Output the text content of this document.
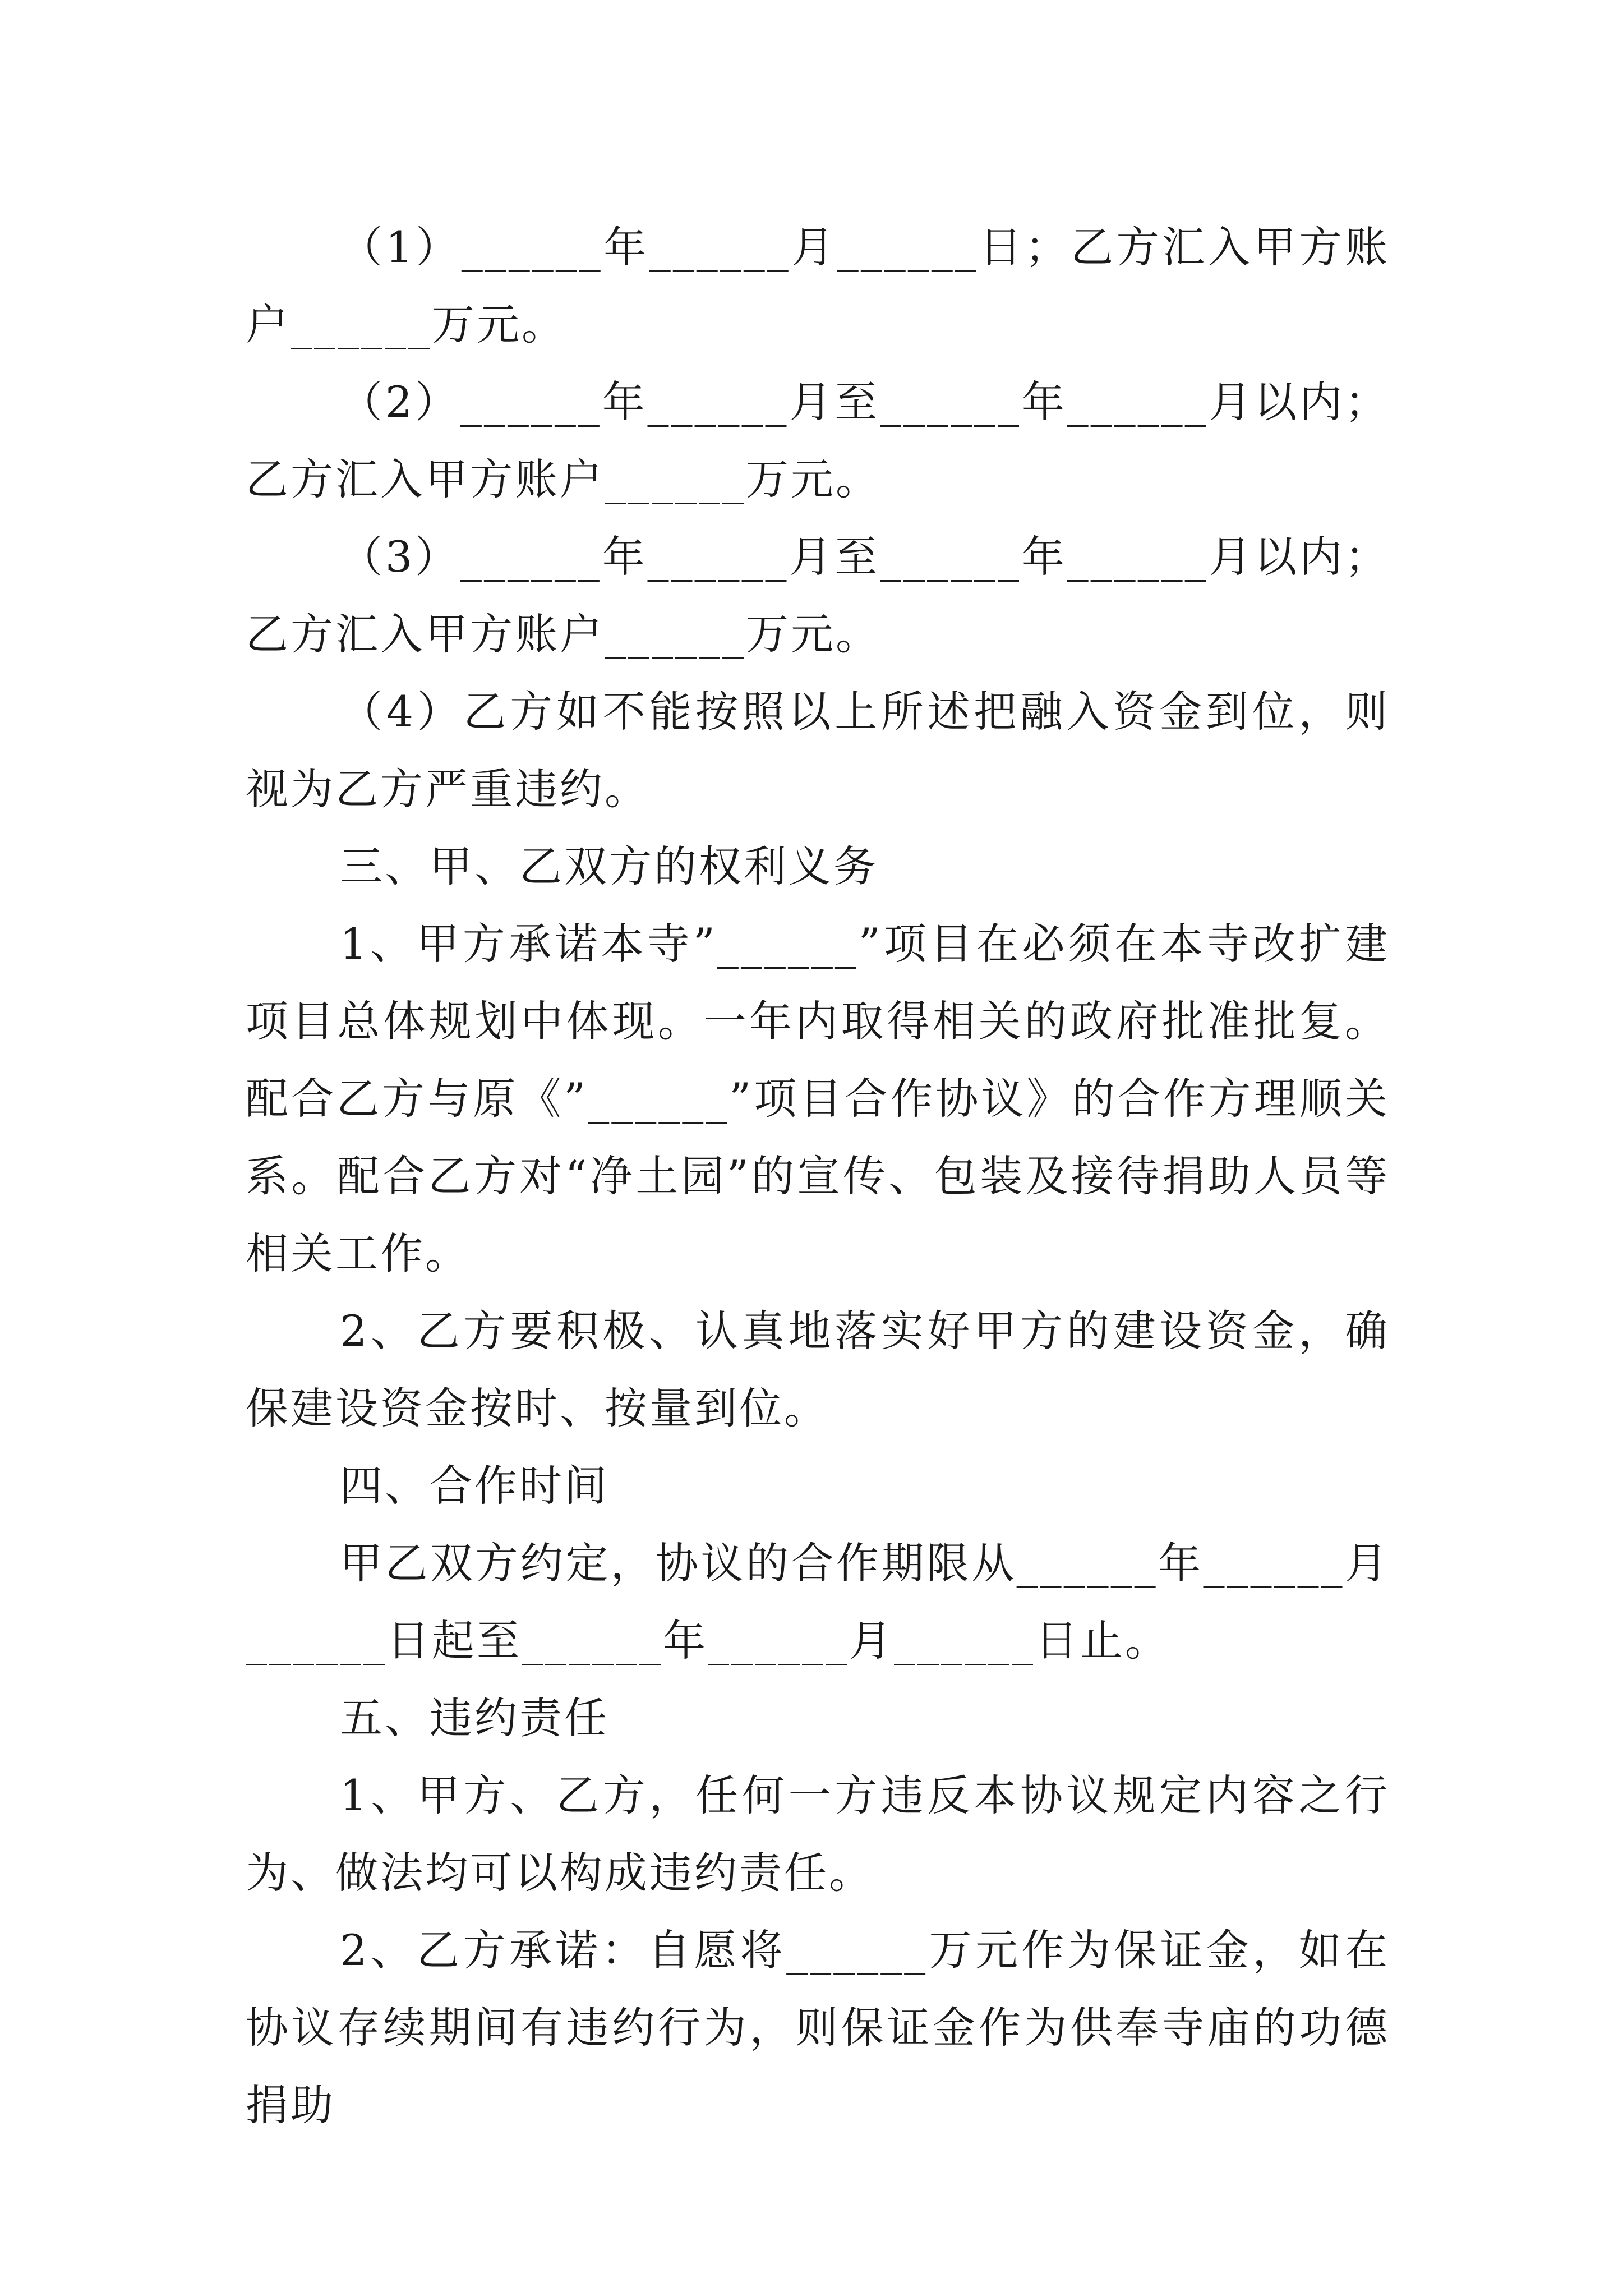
（1）______年______月______日；乙方汇入甲方账户______万元。

（2）______年______月至______年______月以内；乙方汇入甲方账户______万元。

（3）______年______月至______年______月以内；乙方汇入甲方账户______万元。

（4）乙方如不能按照以上所述把融入资金到位，则视为乙方严重违约。

三、甲、乙双方的权利义务

1、甲方承诺本寺”______”项目在必须在本寺改扩建项目总体规划中体现。一年内取得相关的政府批准批复。配合乙方与原《”______”项目合作协议》的合作方理顺关系。配合乙方对“净土园”的宣传、包装及接待捐助人员等相关工作。

2、乙方要积极、认真地落实好甲方的建设资金，确保建设资金按时、按量到位。

四、合作时间

甲乙双方约定，协议的合作期限从______年______月______日起至______年______月______日止。

五、违约责任

1、甲方、乙方，任何一方违反本协议规定内容之行为、做法均可以构成违约责任。

2、乙方承诺：自愿将______万元作为保证金，如在协议存续期间有违约行为，则保证金作为供奉寺庙的功德捐助
